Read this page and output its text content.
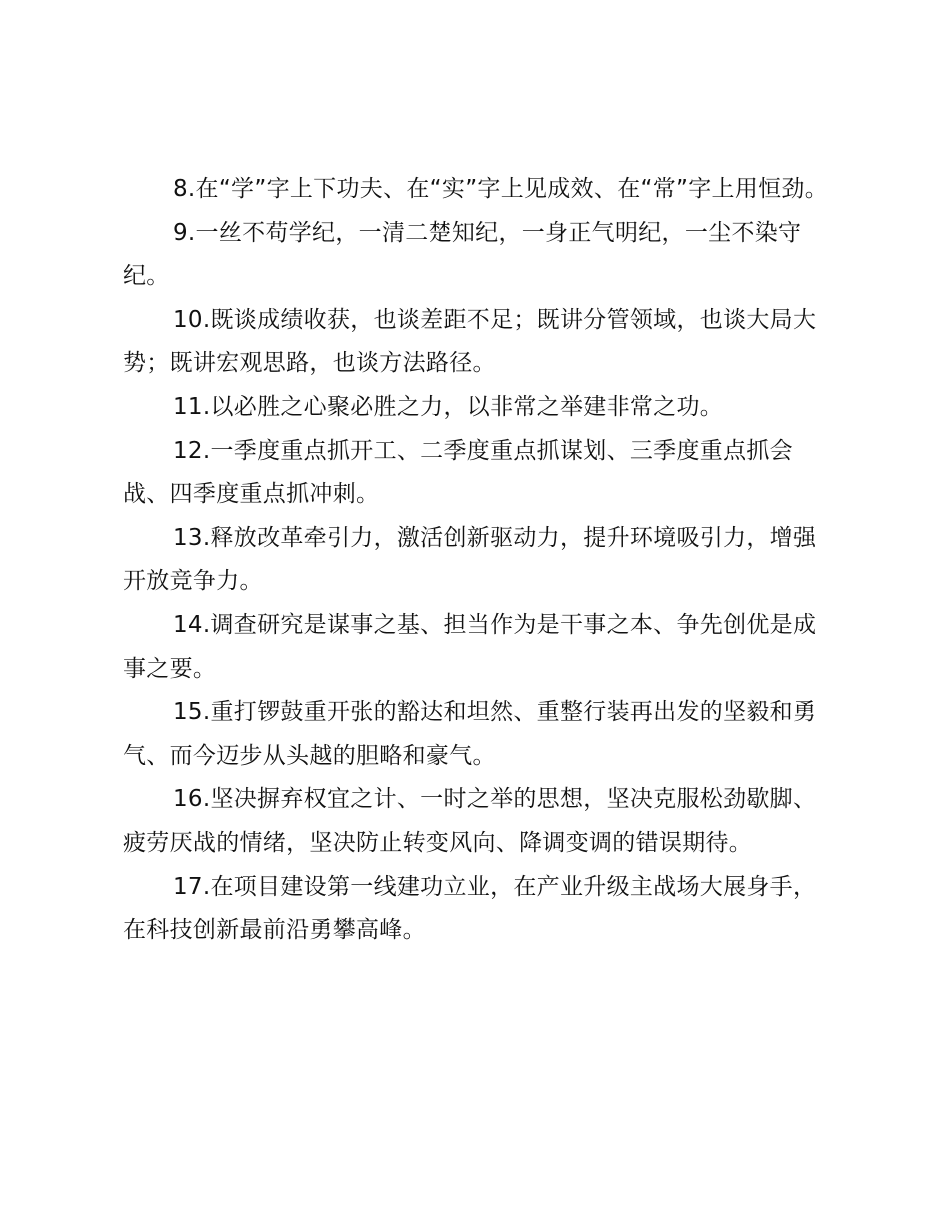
8.在“学”字上下功夫、在“实”字上见成效、在“常”字上用恒劲。

9.一丝不苟学纪，一清二楚知纪，一身正气明纪，一尘不染守纪。

10.既谈成绩收获，也谈差距不足；既讲分管领域，也谈大局大势；既讲宏观思路，也谈方法路径。

11.以必胜之心聚必胜之力，以非常之举建非常之功。

12.一季度重点抓开工、二季度重点抓谋划、三季度重点抓会战、四季度重点抓冲刺。

13.释放改革牵引力，激活创新驱动力，提升环境吸引力，增强开放竞争力。

14.调查研究是谋事之基、担当作为是干事之本、争先创优是成事之要。

15.重打锣鼓重开张的豁达和坦然、重整行装再出发的坚毅和勇气、而今迈步从头越的胆略和豪气。

16.坚决摒弃权宜之计、一时之举的思想，坚决克服松劲歇脚、疲劳厌战的情绪，坚决防止转变风向、降调变调的错误期待。

17.在项目建设第一线建功立业，在产业升级主战场大展身手，在科技创新最前沿勇攀高峰。
